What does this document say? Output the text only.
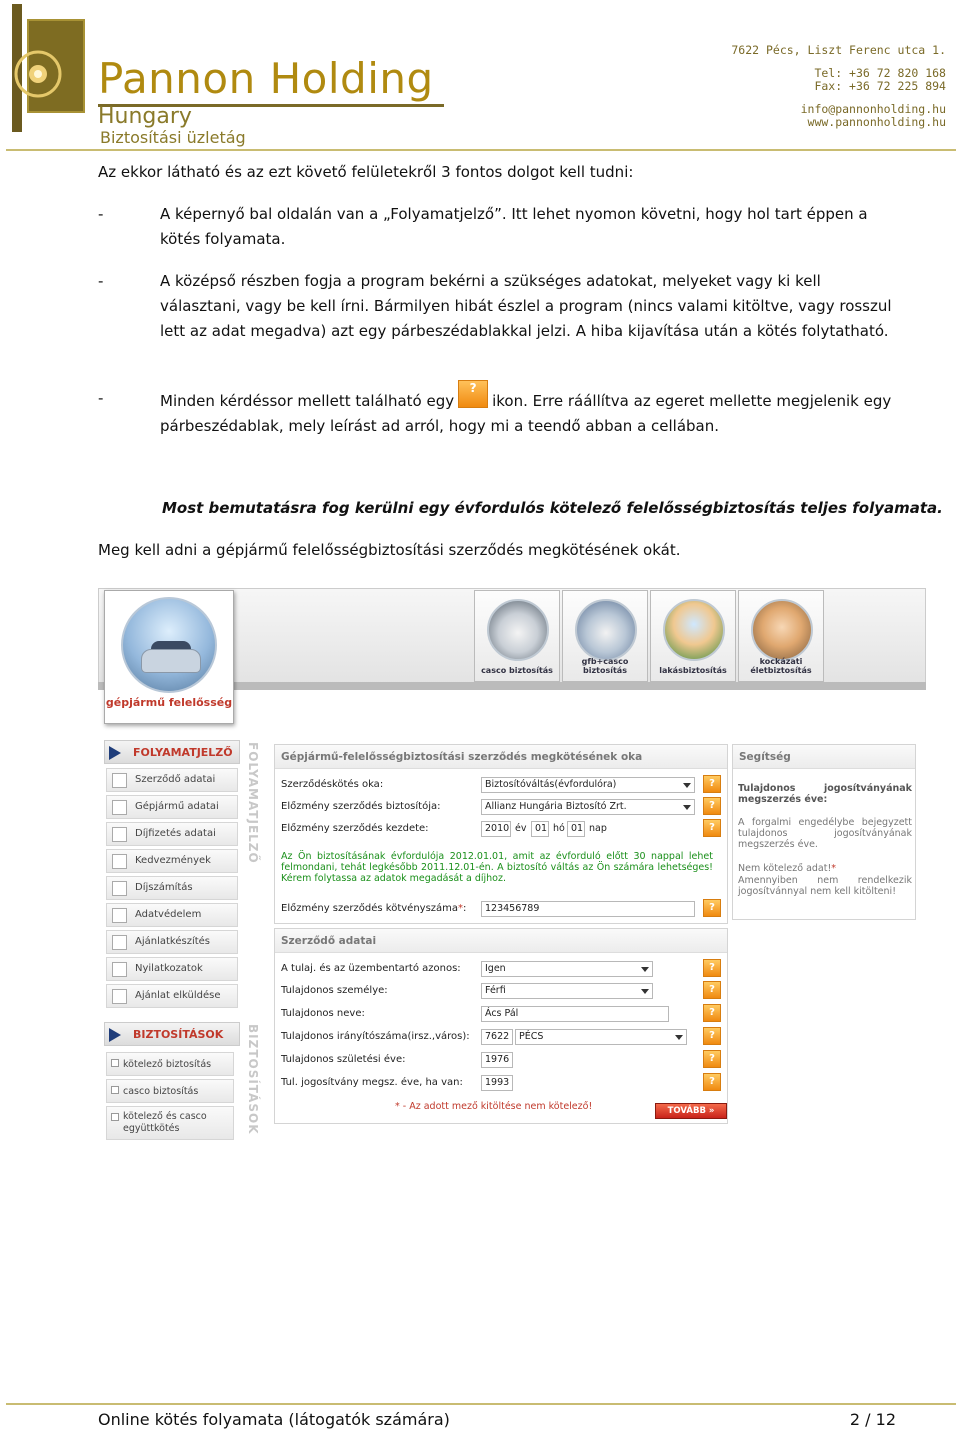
Pannon Holding
Hungary
Biztosítási üzletág
7622 Pécs, Liszt Ferenc utca 1.
Tel: +36 72 820 168
Fax: +36 72 225 894
info@pannonholding.hu
www.pannonholding.hu
Az ekkor látható és az ezt követő felületekről 3 fontos dolgot kell tudni:
-	A képernyő bal oldalán van a „Folyamatjelző”. Itt lehet nyomon követni, hogy hol tart éppen a kötés folyamata.
-	A középső részben fogja a program bekérni a szükséges adatokat, melyeket vagy ki kell választani, vagy be kell írni. Bármilyen hibát észlel a program (nincs valami kitöltve, vagy rosszul lett az adat megadva) azt egy párbeszédablakkal jelzi. A hiba kijavítása után a kötés folytatható.
-	Minden kérdéssor mellett található egy?ikon. Erre ráállítva az egeret mellette megjelenik egy párbeszédablak, mely leírást ad arról, hogy mi a teendő abban a cellában.
Most bemutatásra fog kerülni egy évfordulós kötelező felelősségbiztosítás teljes folyamata.
Meg kell adni a gépjármű felelősségbiztosítási szerződés megkötésének okát.
gépjármű felelősség
casco biztosítás
gfb+casco biztosítás	lakásbiztosítás
kockázati életbiztosítás
FOLYAMATJELZŐ FOLYAMATJELZŐ
Szerződő adatai
Gépjármű adatai
Díjfizetés adatai
Kedvezmények
Díjszámítás
Adatvédelem
Ajánlatkészítés
Nyilatkozatok
Ajánlat elküldése
BIZTOSÍTÁSOK BIZTOSÍTÁSOK
kötelező biztosítás
casco biztosítás
kötelező és casco együttkötés
Gépjármű-felelősségbiztosítási szerződés megkötésének oka
Szerződéskötés oka:	Biztosítóváltás(évfordulóra)	?
Előzmény szerződés biztosítója:	Allianz Hungária Biztosító Zrt.	?
Előzmény szerződés kezdete:	2010 év 01 hó 01 nap	?
Az Ön biztosításának évfordulója 2012.01.01, amit az évforduló előtt 30 nappal lehet felmondani, tehát legkésőbb 2011.12.01-én. A biztosító váltás az Ön számára lehetséges! Kérem folytassa az adatok megadását a díjhoz.
Előzmény szerződés kötvényszáma*:	123456789	?
Segítség
Tulajdonos jogosítványának megszerzés éve:
A forgalmi engedélybe bejegyzett tulajdonos jogosítványának megszerzés éve.
Nem kötelező adat!*
Amennyiben nem rendelkezik jogosítvánnyal nem kell kitölteni!
Szerződő adatai
A tulaj. és az üzembentartó azonos:	Igen	?
Tulajdonos személye:	Férfi	?
Tulajdonos neve:	Ács Pál	?
Tulajdonos irányítószáma(irsz.,város):	7622	PÉCS	?
Tulajdonos születési éve:	1976	?
Tul. jogosítvány megsz. éve, ha van:	1993	?
* - Az adott mező kitöltése nem kötelező!	TOVÁBB »
Online kötés folyamata (látogatók számára)	2 / 12
